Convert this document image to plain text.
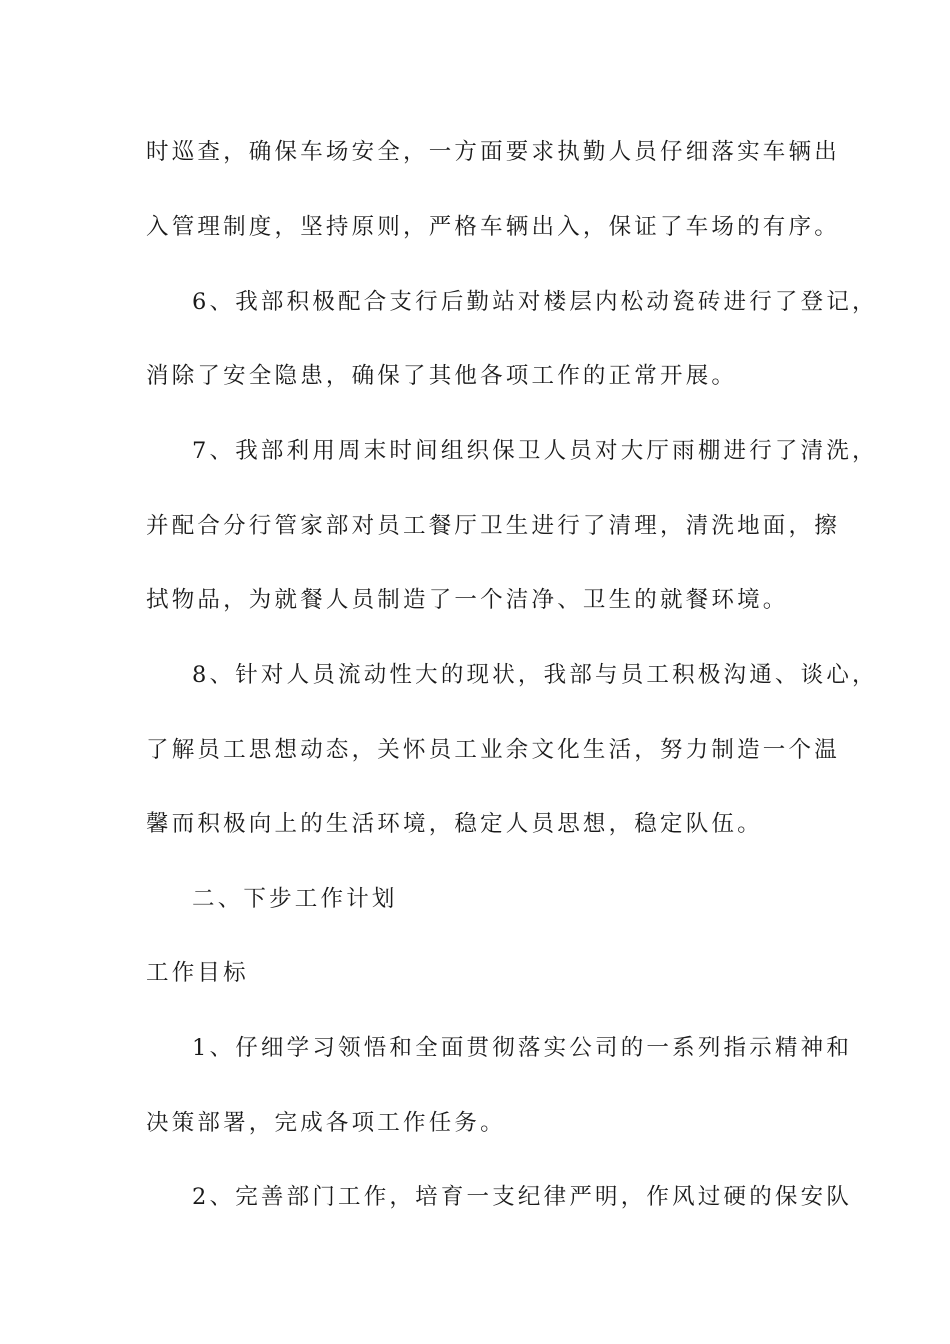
时巡查，确保车场安全，一方面要求执勤人员仔细落实车辆出
入管理制度，坚持原则，严格车辆出入，保证了车场的有序。
6、我部积极配合支行后勤站对楼层内松动瓷砖进行了登记，
消除了安全隐患，确保了其他各项工作的正常开展。
7、我部利用周末时间组织保卫人员对大厅雨棚进行了清洗，
并配合分行管家部对员工餐厅卫生进行了清理，清洗地面，擦
拭物品，为就餐人员制造了一个洁净、卫生的就餐环境。
8、针对人员流动性大的现状，我部与员工积极沟通、谈心，
了解员工思想动态，关怀员工业余文化生活，努力制造一个温
馨而积极向上的生活环境，稳定人员思想，稳定队伍。
二、下步工作计划
工作目标
1、仔细学习领悟和全面贯彻落实公司的一系列指示精神和
决策部署，完成各项工作任务。
2、完善部门工作，培育一支纪律严明，作风过硬的保安队
